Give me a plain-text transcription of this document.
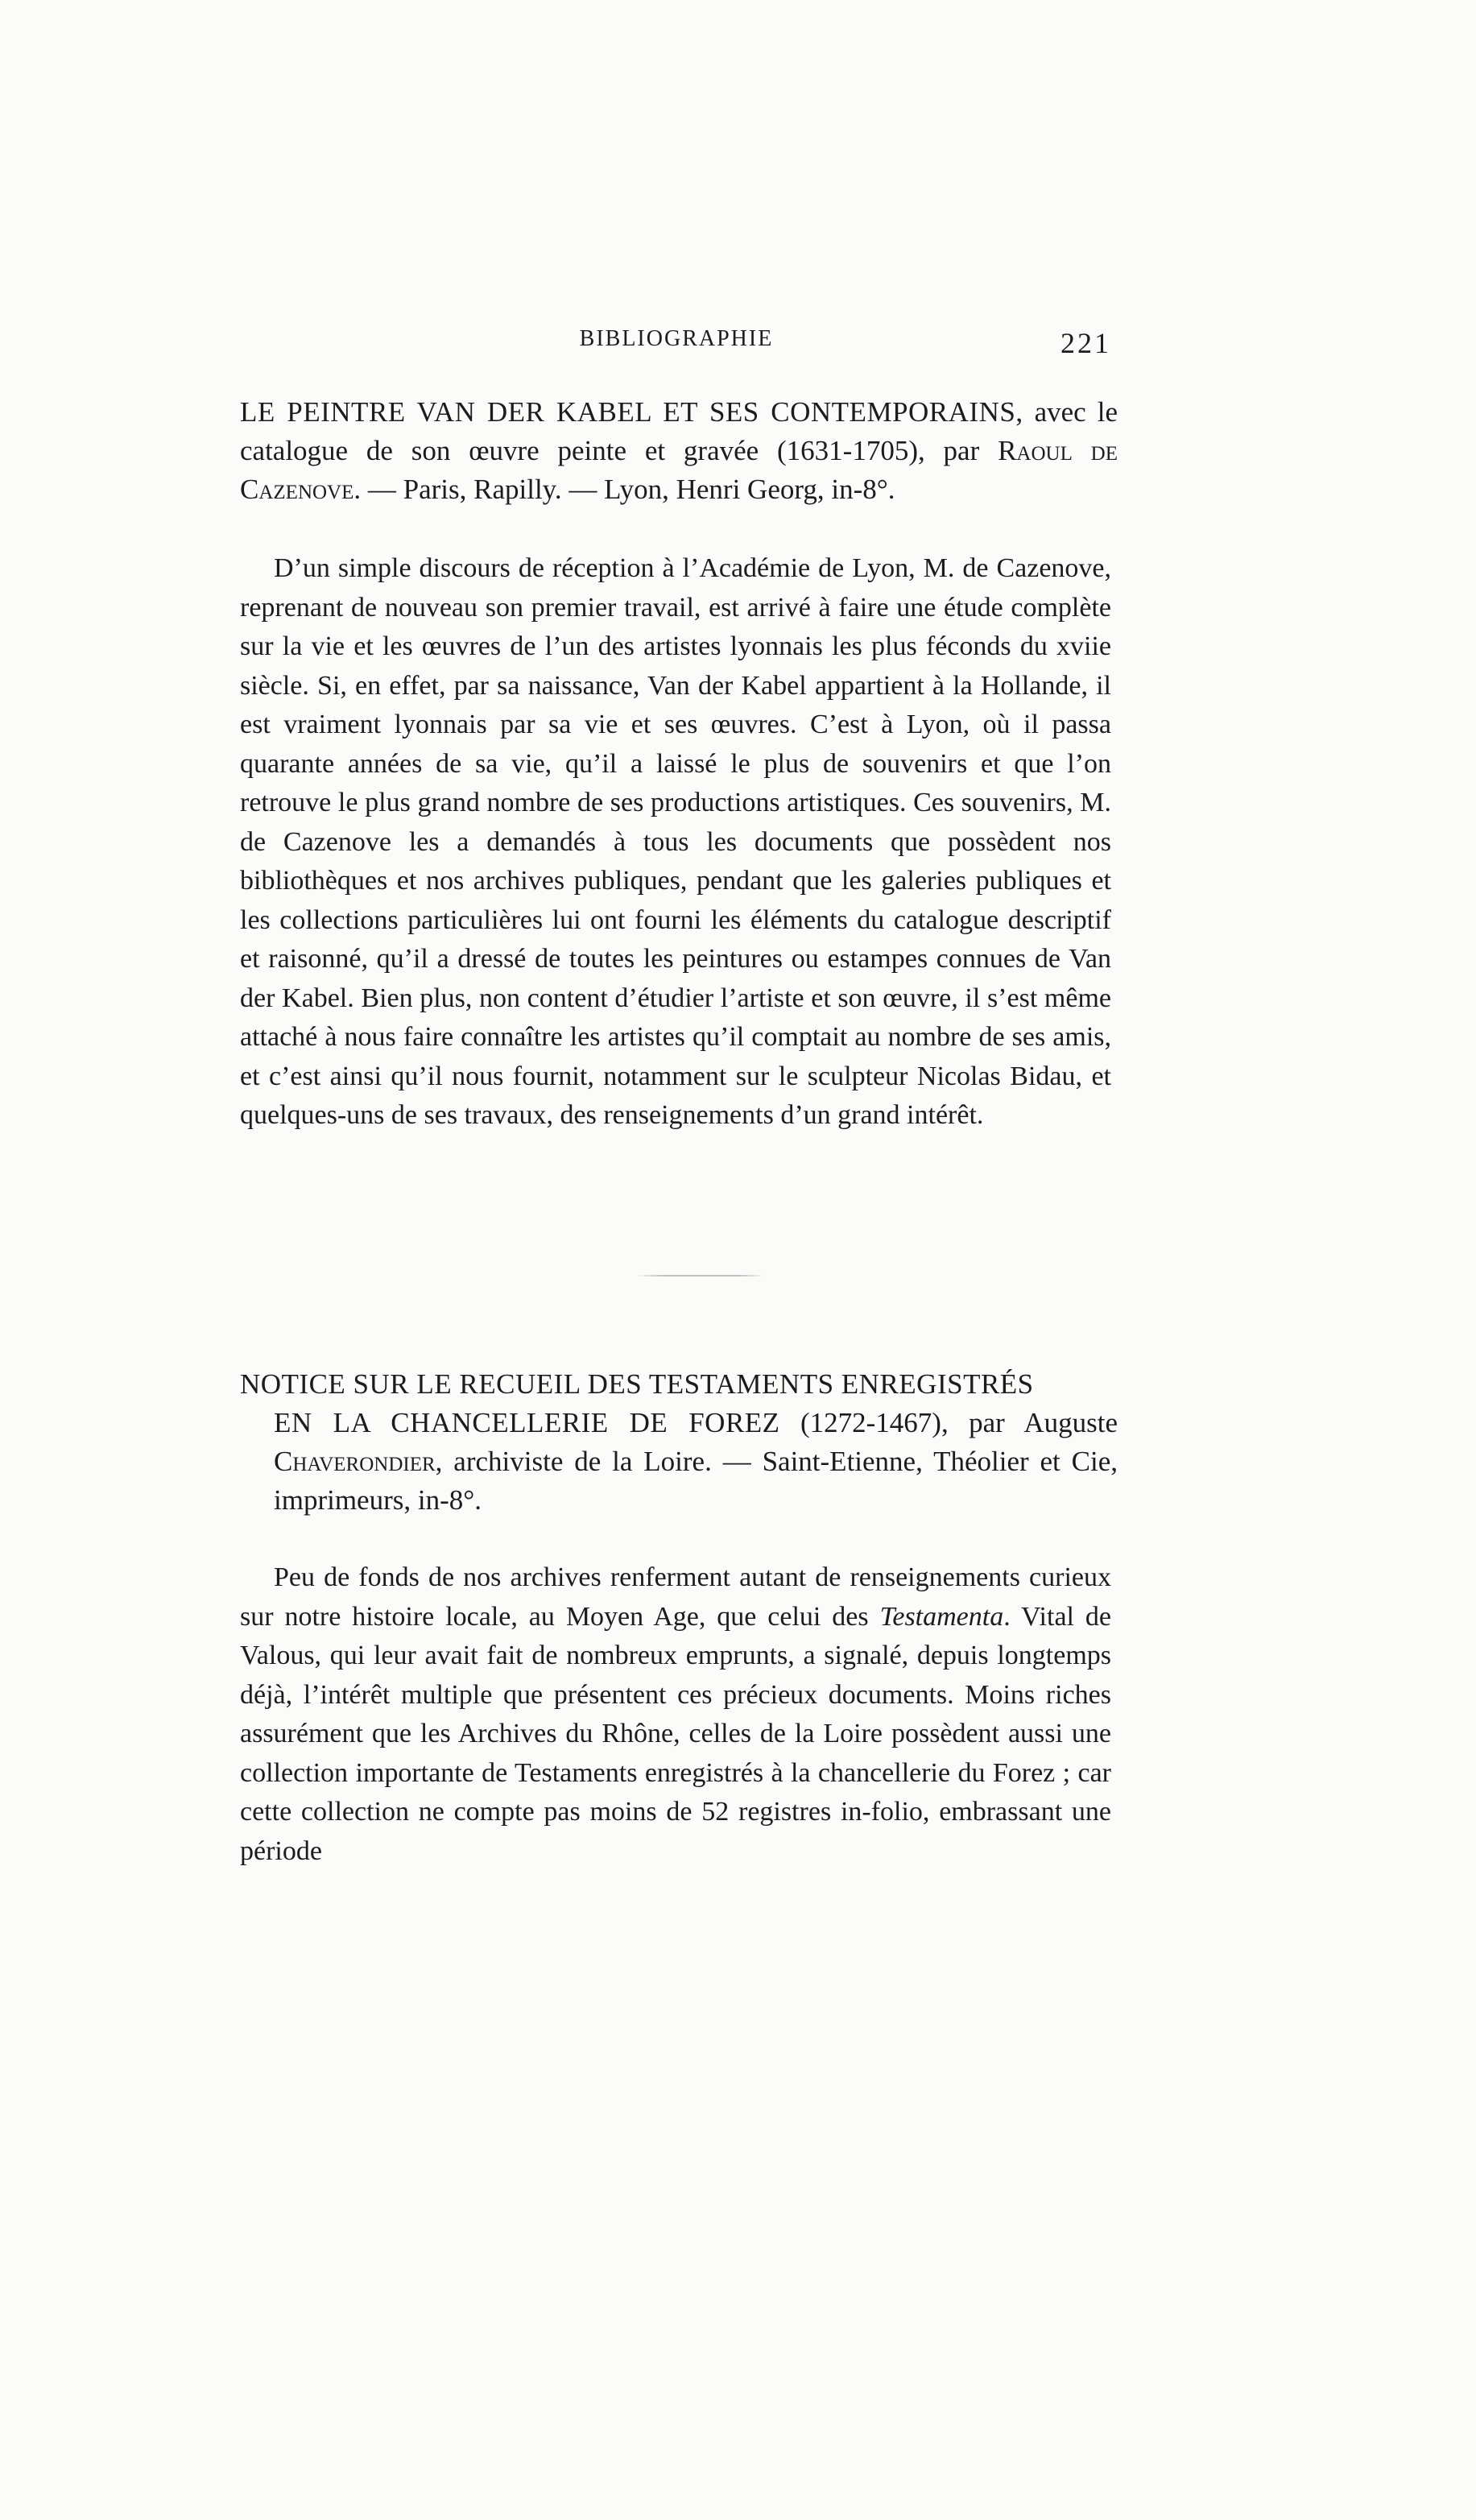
BIBLIOGRAPHIE	221
LE PEINTRE VAN DER KABEL ET SES CONTEMPORAINS, avec le catalogue de son œuvre peinte et gravée (1631-1705), par Raoul de Cazenove. — Paris, Rapilly. — Lyon, Henri Georg, in-8°.

D’un simple discours de réception à l’Académie de Lyon, M. de Cazenove, reprenant de nouveau son premier travail, est arrivé à faire une étude complète sur la vie et les œuvres de l’un des artistes lyonnais les plus féconds du xviie siècle. Si, en effet, par sa naissance, Van der Kabel appartient à la Hollande, il est vraiment lyonnais par sa vie et ses œuvres. C’est à Lyon, où il passa quarante années de sa vie, qu’il a laissé le plus de souvenirs et que l’on retrouve le plus grand nombre de ses productions artistiques. Ces souvenirs, M. de Cazenove les a demandés à tous les documents que possèdent nos bibliothèques et nos archives publiques, pendant que les galeries publiques et les collections particulières lui ont fourni les éléments du catalogue descriptif et raisonné, qu’il a dressé de toutes les peintures ou estampes connues de Van der Kabel. Bien plus, non content d’étudier l’artiste et son œuvre, il s’est même attaché à nous faire connaître les artistes qu’il comptait au nombre de ses amis, et c’est ainsi qu’il nous fournit, notamment sur le sculpteur Nicolas Bidau, et quelques-uns de ses travaux, des renseignements d’un grand intérêt.

NOTICE SUR LE RECUEIL DES TESTAMENTS ENREGISTRÉS
EN LA CHANCELLERIE DE FOREZ (1272-1467), par Auguste Chaverondier, archiviste de la Loire. — Saint-Etienne, Théolier et Cie, imprimeurs, in-8°.

Peu de fonds de nos archives renferment autant de renseignements curieux sur notre histoire locale, au Moyen Age, que celui des Testamenta. Vital de Valous, qui leur avait fait de nombreux emprunts, a signalé, depuis longtemps déjà, l’intérêt multiple que présentent ces précieux documents. Moins riches assurément que les Archives du Rhône, celles de la Loire possèdent aussi une collection importante de Testaments enregistrés à la chancellerie du Forez ; car cette collection ne compte pas moins de 52 registres in-folio, embrassant une période
